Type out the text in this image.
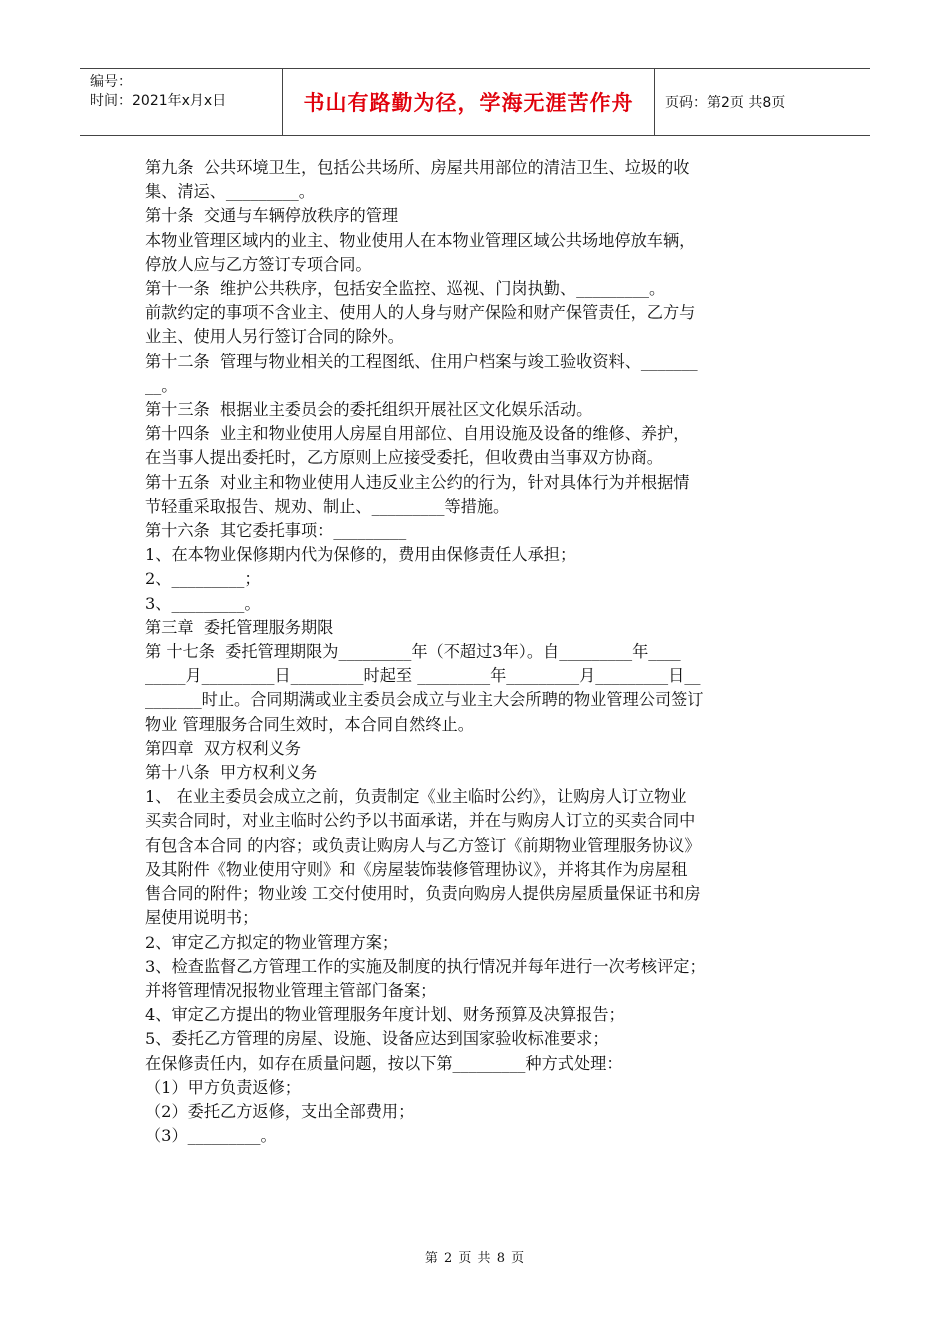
编号：
时间：2021年x月x日	书山有路勤为径，学海无涯苦作舟 页码：第2页 共8页

第九条  公共环境卫生，包括公共场所、房屋共用部位的清洁卫生、垃圾的收

集、清运、_________。

第十条  交通与车辆停放秩序的管理

本物业管理区域内的业主、物业使用人在本物业管理区域公共场地停放车辆，

停放人应与乙方签订专项合同。

第十一条  维护公共秩序，包括安全监控、巡视、门岗执勤、_________。

前款约定的事项不含业主、使用人的人身与财产保险和财产保管责任，乙方与

业主、使用人另行签订合同的除外。

第十二条  管理与物业相关的工程图纸、住用户档案与竣工验收资料、_______

__。

第十三条  根据业主委员会的委托组织开展社区文化娱乐活动。

第十四条  业主和物业使用人房屋自用部位、自用设施及设备的维修、养护，

在当事人提出委托时，乙方原则上应接受委托，但收费由当事双方协商。

第十五条  对业主和物业使用人违反业主公约的行为，针对具体行为并根据情

节轻重采取报告、规劝、制止、_________等措施。

第十六条  其它委托事项：_________

1、在本物业保修期内代为保修的，费用由保修责任人承担；

2、_________；

3、_________。

第三章  委托管理服务期限

第 十七条  委托管理期限为_________年（不超过3年）。自_________年____

_____月_________日_________时起至 _________年_________月_________日__

_______时止。合同期满或业主委员会成立与业主大会所聘的物业管理公司签订

物业 管理服务合同生效时，本合同自然终止。

第四章  双方权利义务

第十八条  甲方权利义务

1、 在业主委员会成立之前，负责制定《业主临时公约》，让购房人订立物业

买卖合同时，对业主临时公约予以书面承诺，并在与购房人订立的买卖合同中

有包含本合同 的内容；或负责让购房人与乙方签订《前期物业管理服务协议》

及其附件《物业使用守则》和《房屋装饰装修管理协议》，并将其作为房屋租

售合同的附件；物业竣 工交付使用时，负责向购房人提供房屋质量保证书和房

屋使用说明书；

2、审定乙方拟定的物业管理方案；

3、检查监督乙方管理工作的实施及制度的执行情况并每年进行一次考核评定；

并将管理情况报物业管理主管部门备案；

4、审定乙方提出的物业管理服务年度计划、财务预算及决算报告；

5、委托乙方管理的房屋、设施、设备应达到国家验收标准要求；

在保修责任内，如存在质量问题，按以下第_________种方式处理：

（1）甲方负责返修；

（2）委托乙方返修，支出全部费用；

（3）_________。

第 2 页 共 8 页
